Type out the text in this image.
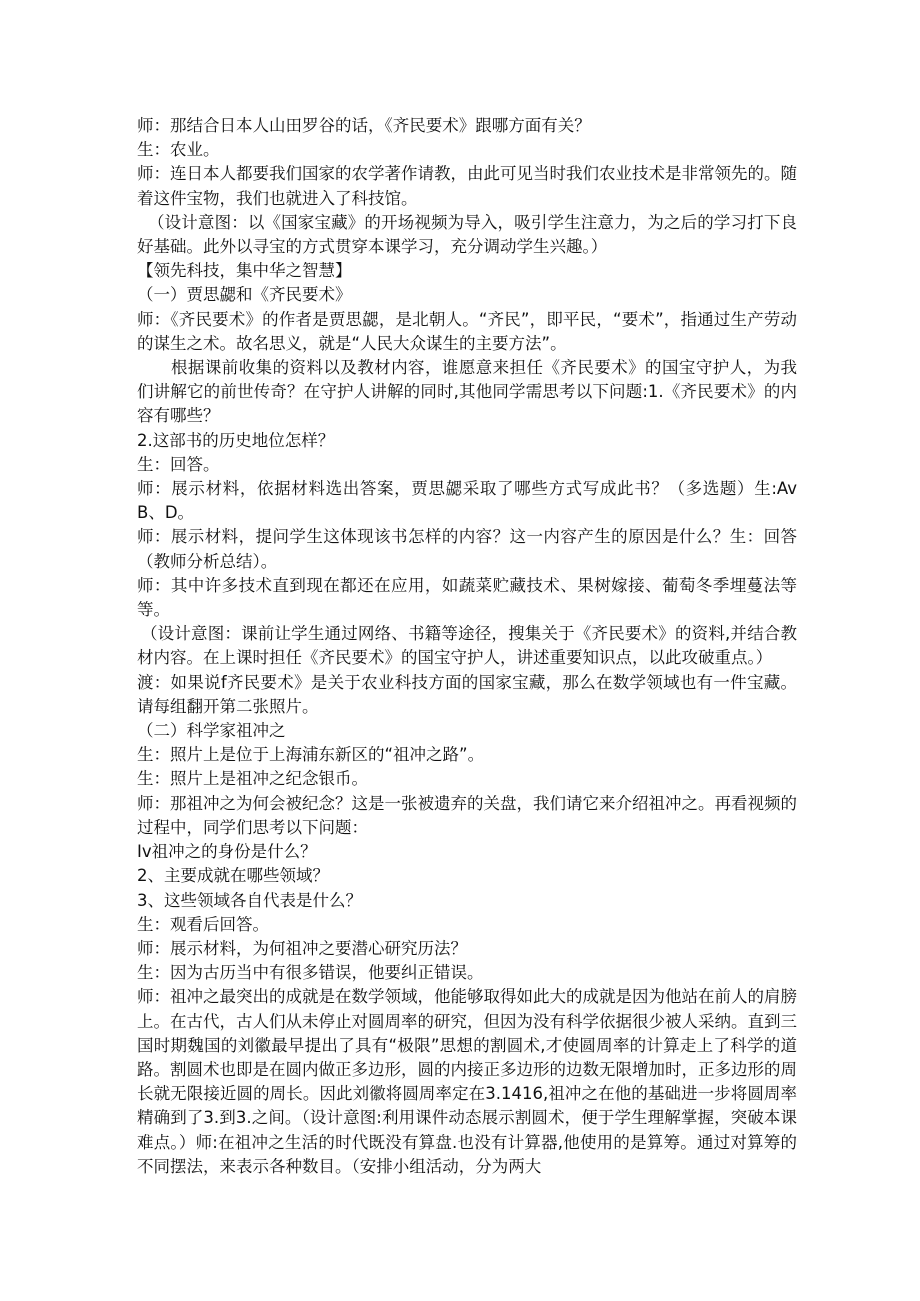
师：那结合日本人山田罗谷的话，《齐民要术》跟哪方面有关？

生：农业。

师：连日本人都要我们国家的农学著作请教，由此可见当时我们农业技术是非常领先的。随着这件宝物，我们也就进入了科技馆。

（设计意图：以《国家宝藏》的开场视频为导入，吸引学生注意力，为之后的学习打下良好基础。此外以寻宝的方式贯穿本课学习，充分调动学生兴趣。）

【领先科技，集中华之智慧】

（一）贾思勰和《齐民要术》

师：《齐民要术》的作者是贾思勰，是北朝人。“齐民”，即平民，“要术”，指通过生产劳动的谋生之术。故名思义，就是“人民大众谋生的主要方法”。

根据课前收集的资料以及教材内容，谁愿意来担任《齐民要术》的国宝守护人，为我们讲解它的前世传奇？在守护人讲解的同时,其他同学需思考以下问题:1.《齐民要术》的内容有哪些？

2.这部书的历史地位怎样？

生：回答。

师：展示材料，依据材料选出答案，贾思勰采取了哪些方式写成此书？（多选题）生:AvB、D。

师：展示材料，提问学生这体现该书怎样的内容？这一内容产生的原因是什么？生：回答（教师分析总结）。

师：其中许多技术直到现在都还在应用，如蔬菜贮藏技术、果树嫁接、葡萄冬季埋蔓法等等。

（设计意图：课前让学生通过网络、书籍等途径，搜集关于《齐民要术》的资料,并结合教材内容。在上课时担任《齐民要术》的国宝守护人，讲述重要知识点，以此攻破重点。）

渡：如果说f齐民要术》是关于农业科技方面的国家宝藏，那么在数学领域也有一件宝藏。请每组翻开第二张照片。

（二）科学家祖冲之

生：照片上是位于上海浦东新区的“祖冲之路”。

生：照片上是祖冲之纪念银币。

师：那祖冲之为何会被纪念？这是一张被遗弃的关盘，我们请它来介绍祖冲之。再看视频的过程中，同学们思考以下问题：

Iv祖冲之的身份是什么？

2、主要成就在哪些领域？

3、这些领域各自代表是什么？

生：观看后回答。

师：展示材料，为何祖冲之要潜心研究历法？

生：因为古历当中有很多错误，他要纠正错误。

师：祖冲之最突出的成就是在数学领域，他能够取得如此大的成就是因为他站在前人的肩膀上。在古代，古人们从未停止对圆周率的研究，但因为没有科学依据很少被人采纳。直到三国时期魏国的刘徽最早提出了具有“极限”思想的割圆术,才使圆周率的计算走上了科学的道路。割圆术也即是在圆内做正多边形，圆的内接正多边形的边数无限增加时，正多边形的周长就无限接近圆的周长。因此刘徽将圆周率定在3.1416,祖冲之在他的基础进一步将圆周率精确到了3.到3.之间。（设计意图:利用课件动态展示割圆术，便于学生理解掌握，突破本课难点。）师:在祖冲之生活的时代既没有算盘.也没有计算器,他使用的是算筹。通过对算筹的不同摆法，来表示各种数目。（安排小组活动，分为两大
